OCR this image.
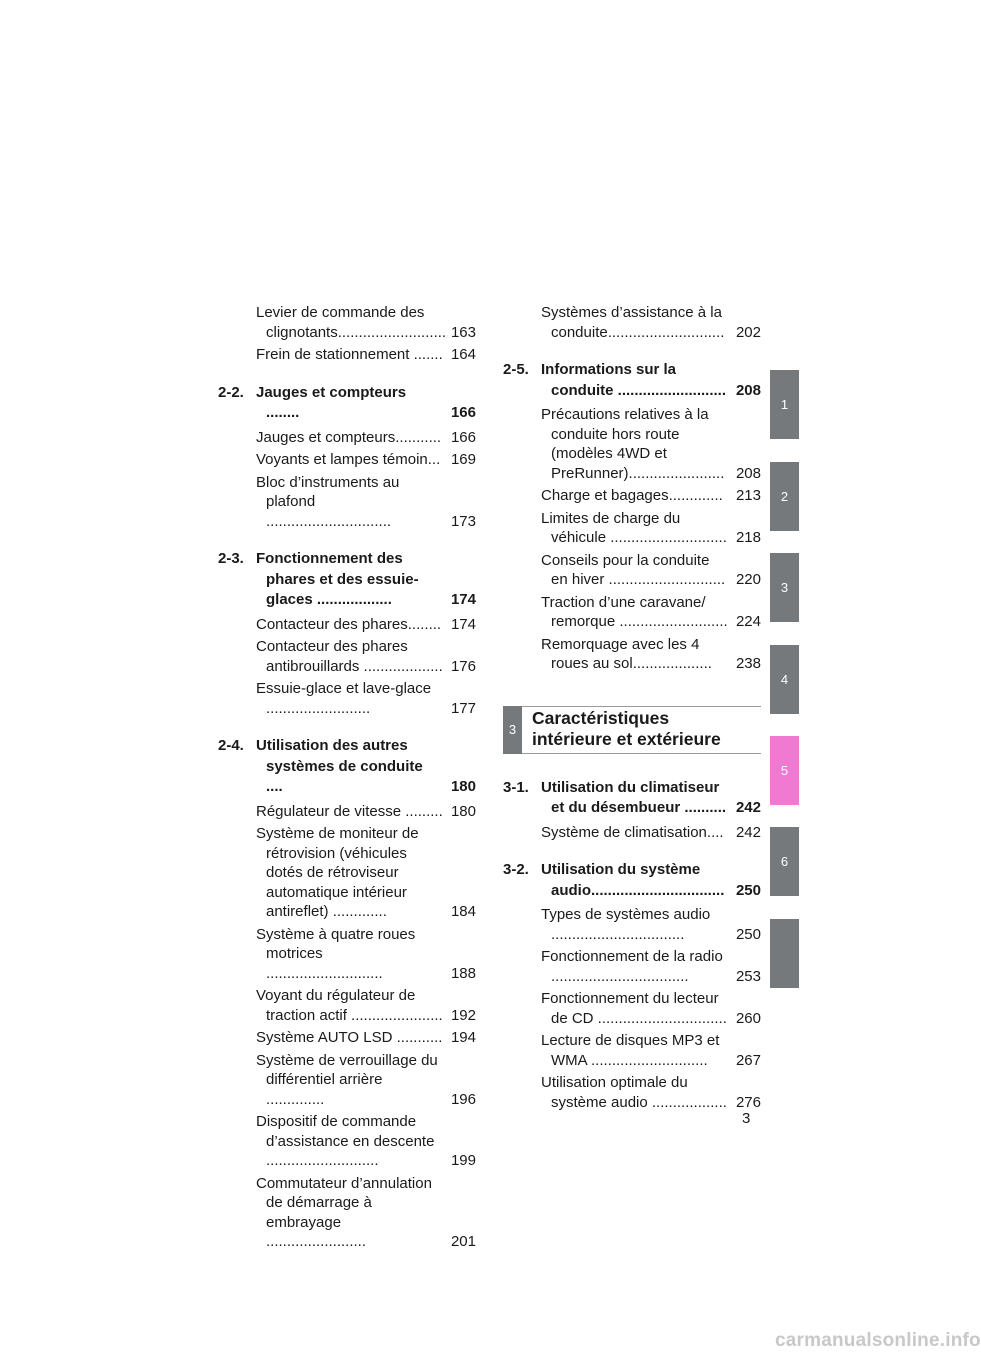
Levier de commande des clignotants.......................... 163
Frein de stationnement ....... 164
2-2. Jauges et compteurs ........	166
Jauges et compteurs........... 166
Voyants et lampes témoin... 169
Bloc d’instruments au plafond ..............................	173
2-3. Fonctionnement des phares et des essuie-glaces ..................	174
Contacteur des phares........ 174
Contacteur des phares antibrouillards ................... 176
Essuie-glace et lave-glace .........................	177
2-4. Utilisation des autres systèmes de conduite ....	180
Régulateur de vitesse ......... 180
Système de moniteur de rétrovision (véhicules dotés de rétroviseur automatique intérieur antireflet) .............	184
Système à quatre roues motrices ............................	188
Voyant du régulateur de traction actif ...................... 192
Système AUTO LSD ........... 194
Système de verrouillage du différentiel arrière ..............	196
Dispositif de commande d’assistance en descente ...........................	199
Commutateur d’annulation de démarrage à embrayage ........................	201
Systèmes d’assistance à la conduite............................ 202
2-5. Informations sur la conduite .......................... 208
Précautions relatives à la conduite hors route (modèles 4WD et PreRunner)....................... 208
Charge et bagages............. 213
Limites de charge du véhicule ............................ 218
Conseils pour la conduite en hiver ............................ 220
Traction d’une caravane/ remorque .......................... 224
Remorquage avec les 4 roues au sol...................	238
3
Caractéristiques
intérieure et extérieure
3-1. Utilisation du climatiseur et du désembueur .......... 242
Système de climatisation.... 242
3-2. Utilisation du système audio................................ 250
Types de systèmes audio ................................	250
Fonctionnement de la radio .................................	253
Fonctionnement du lecteur de CD ............................... 260
Lecture de disques MP3 et WMA ............................	267
Utilisation optimale du système audio .................. 276
1
2
3
4
5
6
3
carmanualsonline.info
